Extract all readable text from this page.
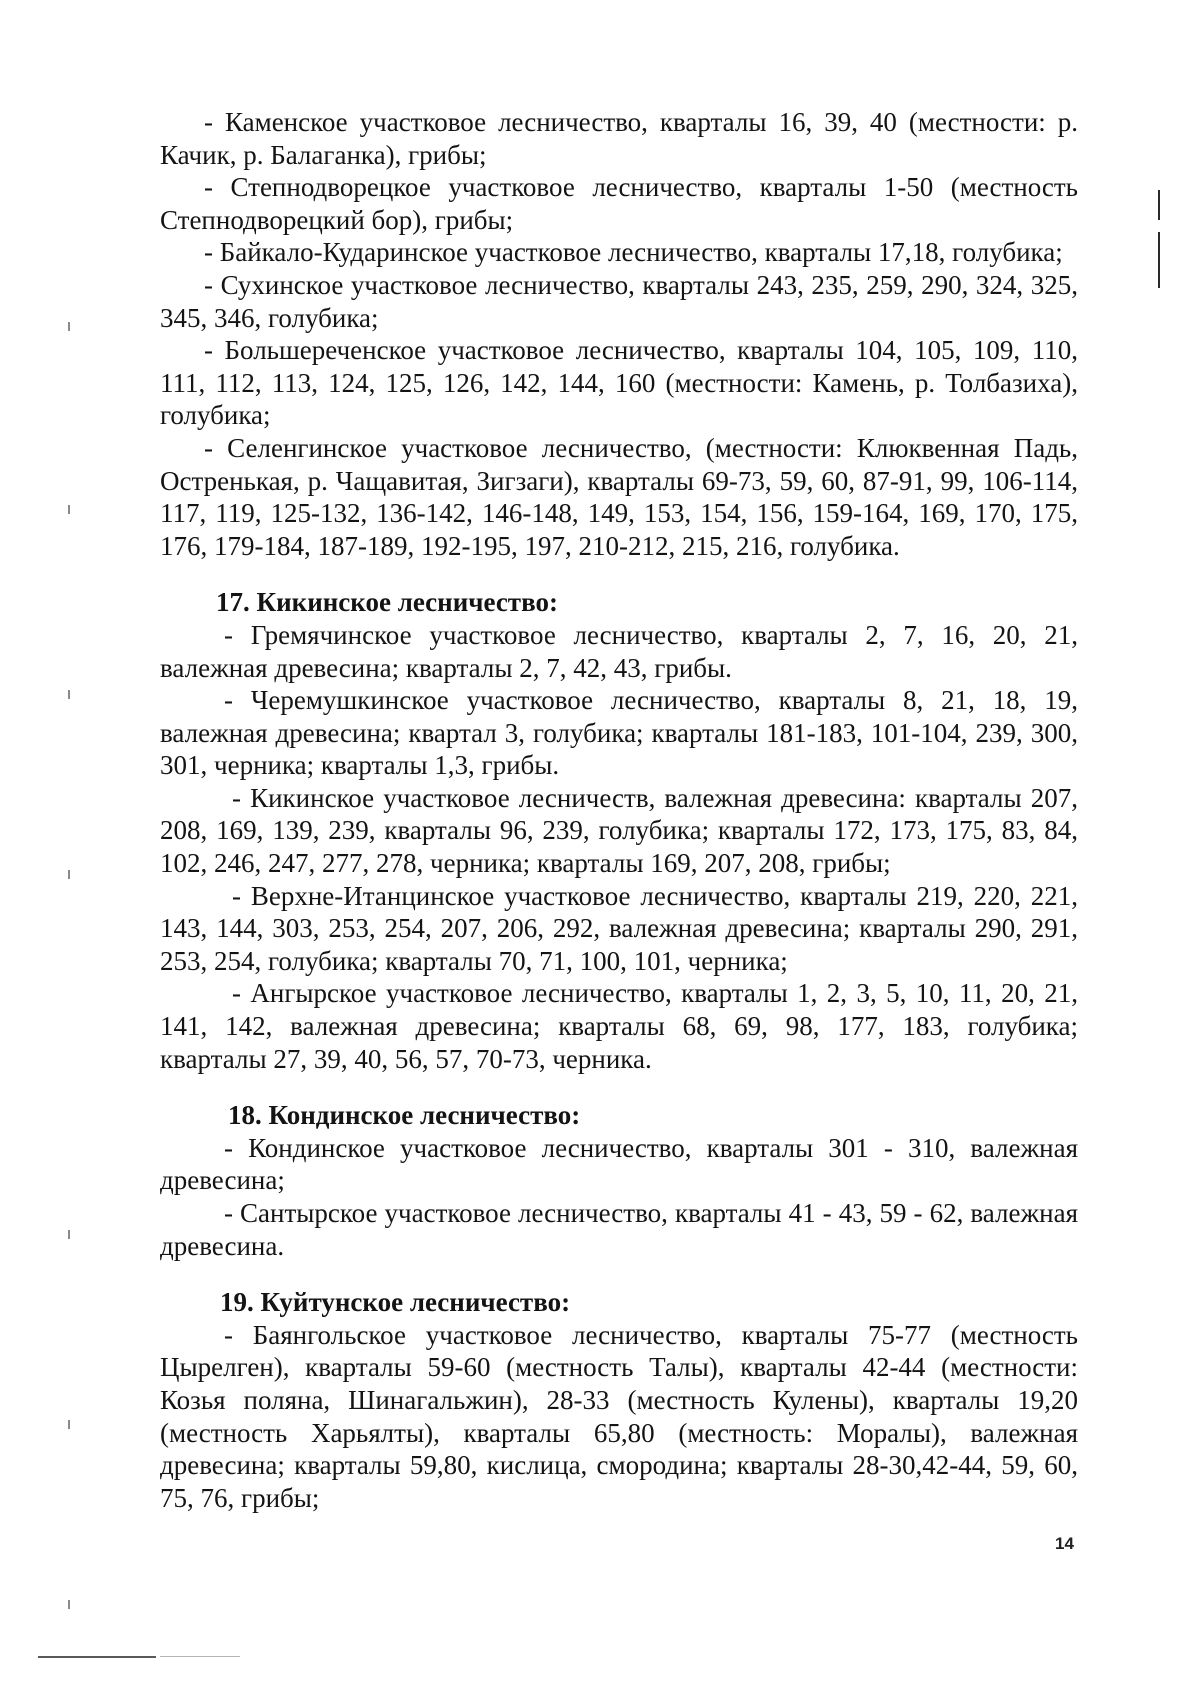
- Каменское участковое лесничество, кварталы 16, 39, 40 (местности: р. Качик, р. Балаганка), грибы;

- Степнодворецкое участковое лесничество, кварталы 1-50 (местность Степнодворецкий бор), грибы;

- Байкало-Кударинское участковое лесничество, кварталы 17,18, голубика;

- Сухинское участковое лесничество, кварталы 243, 235, 259, 290, 324, 325, 345, 346, голубика;

- Большереченское участковое лесничество, кварталы 104, 105, 109, 110, 111, 112, 113, 124, 125, 126, 142, 144, 160 (местности: Камень, р. Толбазиха), голубика;

- Селенгинское участковое лесничество, (местности: Клюквенная Падь, Остренькая, р. Чащавитая, Зигзаги), кварталы 69-73, 59, 60, 87-91, 99, 106-114, 117, 119, 125-132, 136-142, 146-148, 149, 153, 154, 156, 159-164, 169, 170, 175, 176, 179-184, 187-189, 192-195, 197, 210-212, 215, 216, голубика.

17. Кикинское лесничество:

- Гремячинское участковое лесничество, кварталы 2, 7, 16, 20, 21, валежная древесина; кварталы 2, 7, 42, 43, грибы.

- Черемушкинское участковое лесничество, кварталы 8, 21, 18, 19, валежная древесина; квартал 3, голубика; кварталы 181-183, 101-104, 239, 300, 301, черника; кварталы 1,3, грибы.

- Кикинское участковое лесничеств, валежная древесина: кварталы 207, 208, 169, 139, 239, кварталы 96, 239, голубика; кварталы 172, 173, 175, 83, 84, 102, 246, 247, 277, 278, черника; кварталы 169, 207, 208, грибы;

- Верхне-Итанцинское участковое лесничество, кварталы 219, 220, 221, 143, 144, 303, 253, 254, 207, 206, 292, валежная древесина; кварталы 290, 291, 253, 254, голубика; кварталы 70, 71, 100, 101, черника;

- Ангырское участковое лесничество, кварталы 1, 2, 3, 5, 10, 11, 20, 21, 141, 142, валежная древесина; кварталы 68, 69, 98, 177, 183, голубика; кварталы 27, 39, 40, 56, 57, 70-73, черника.

18. Кондинское лесничество:

- Кондинское участковое лесничество, кварталы 301 - 310, валежная древесина;

- Сантырское участковое лесничество, кварталы 41 - 43, 59 - 62, валежная древесина.

19. Куйтунское лесничество:

- Баянгольское участковое лесничество, кварталы 75-77 (местность Цырелген), кварталы 59-60 (местность Талы), кварталы 42-44 (местности: Козья поляна, Шинагальжин), 28-33 (местность Кулены), кварталы 19,20 (местность Харьялты), кварталы 65,80 (местность: Моралы), валежная древесина; кварталы 59,80, кислица, смородина; кварталы 28-30,42-44, 59, 60, 75, 76, грибы;

14
